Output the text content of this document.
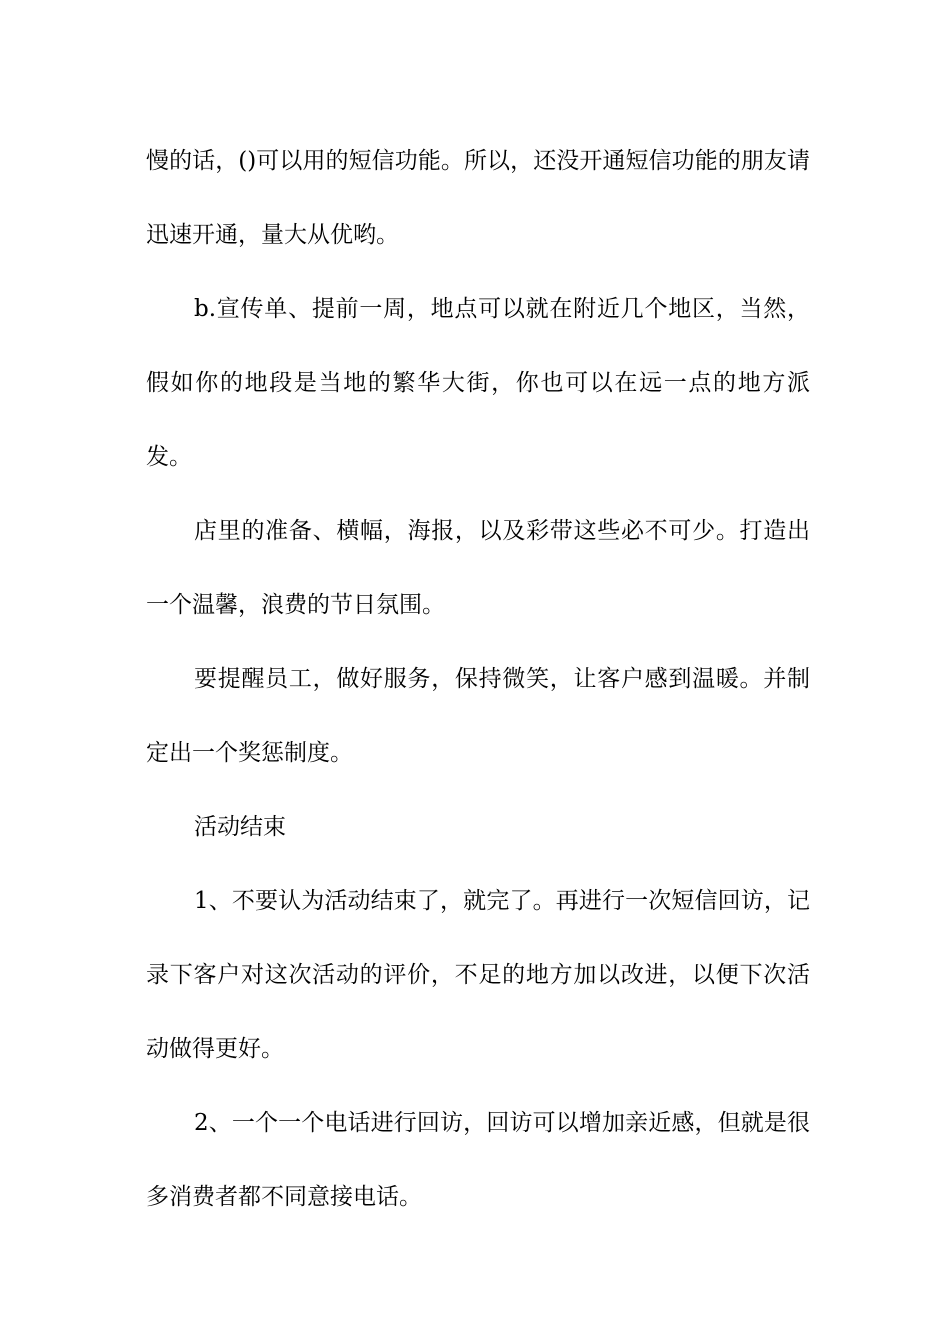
慢的话，()可以用的短信功能。所以，还没开通短信功能的朋友请迅速开通，量大从优哟。

b.宣传单、提前一周，地点可以就在附近几个地区，当然，假如你的地段是当地的繁华大街，你也可以在远一点的地方派发。

店里的准备、横幅，海报，以及彩带这些必不可少。打造出一个温馨，浪费的节日氛围。

要提醒员工，做好服务，保持微笑，让客户感到温暖。并制定出一个奖惩制度。

活动结束

1、不要认为活动结束了，就完了。再进行一次短信回访，记录下客户对这次活动的评价，不足的地方加以改进，以便下次活动做得更好。

2、一个一个电话进行回访，回访可以增加亲近感，但就是很多消费者都不同意接电话。
